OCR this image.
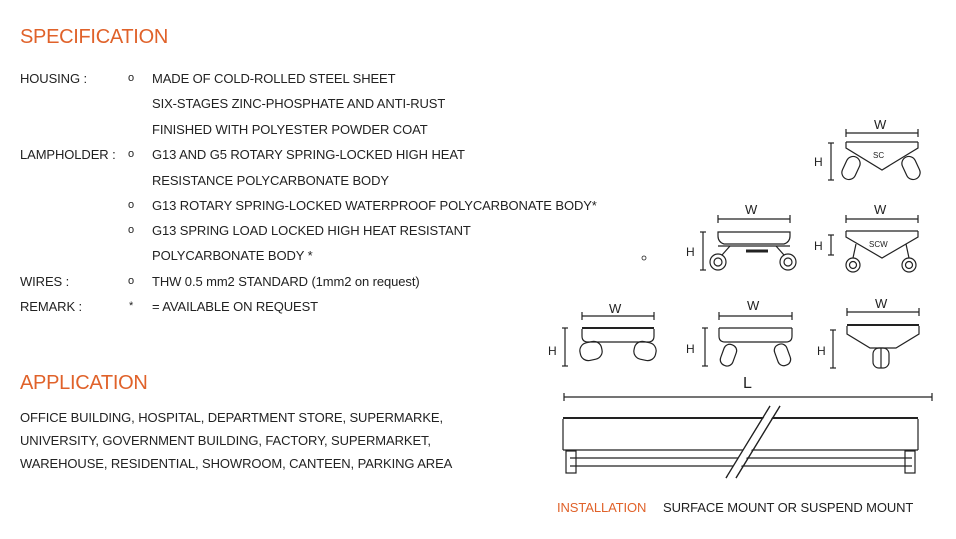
SPECIFICATION
APPLICATION
HOUSING :	o MADE OF COLD-ROLLED STEEL SHEET
SIX-STAGES ZINC-PHOSPHATE AND ANTI-RUST
FINISHED WITH POLYESTER POWDER COAT
LAMPHOLDER : o G13 AND G5 ROTARY SPRING-LOCKED HIGH HEAT
RESISTANCE POLYCARBONATE BODY
o G13 ROTARY SPRING-LOCKED WATERPROOF POLYCARBONATE BODY*
o G13 SPRING LOAD LOCKED HIGH HEAT RESISTANT
POLYCARBONATE BODY *
WIRES :	o THW 0.5 mm2 STANDARD (1mm2 on request)
REMARK :	* = AVAILABLE ON REQUEST
OFFICE BUILDING, HOSPITAL, DEPARTMENT STORE, SUPERMARKE,
UNIVERSITY, GOVERNMENT BUILDING, FACTORY, SUPERMARKET,
WAREHOUSE, RESIDENTIAL, SHOWROOM, CANTEEN, PARKING AREA
INSTALLATION SURFACE MOUNT OR SUSPEND MOUNT
W
H	SC
W
H
W
H	SCW
W
H
W
H
W
H
L
